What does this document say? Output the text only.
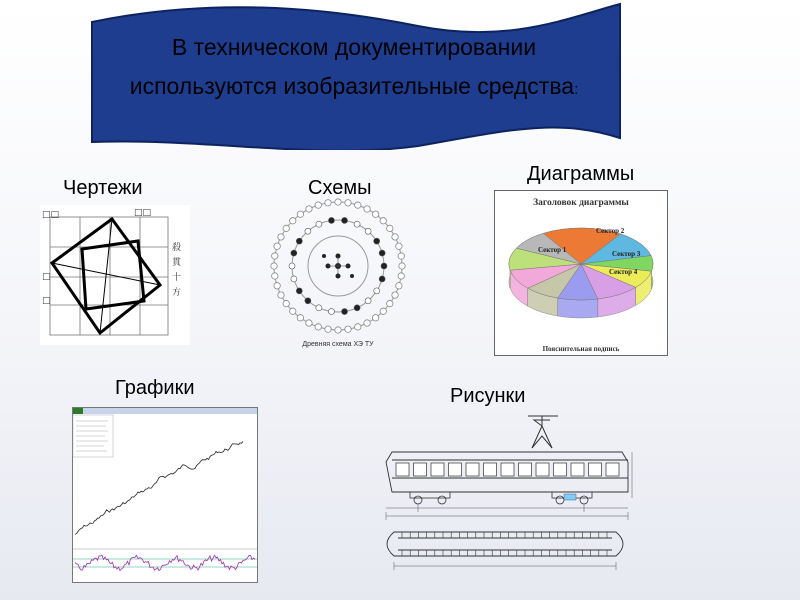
В техническом документировании
используются изобразительные средства:
Чертежи	Схемы
Диаграммы
Графики	Рисунки
殺
貫
十
方
□□	□□
□
□
Древняя схема ХЭ ТУ
Заголовок диаграммы
Сектор 1
Сектор 2
Сектор 3
Сектор 4
Пояснительная подпись
